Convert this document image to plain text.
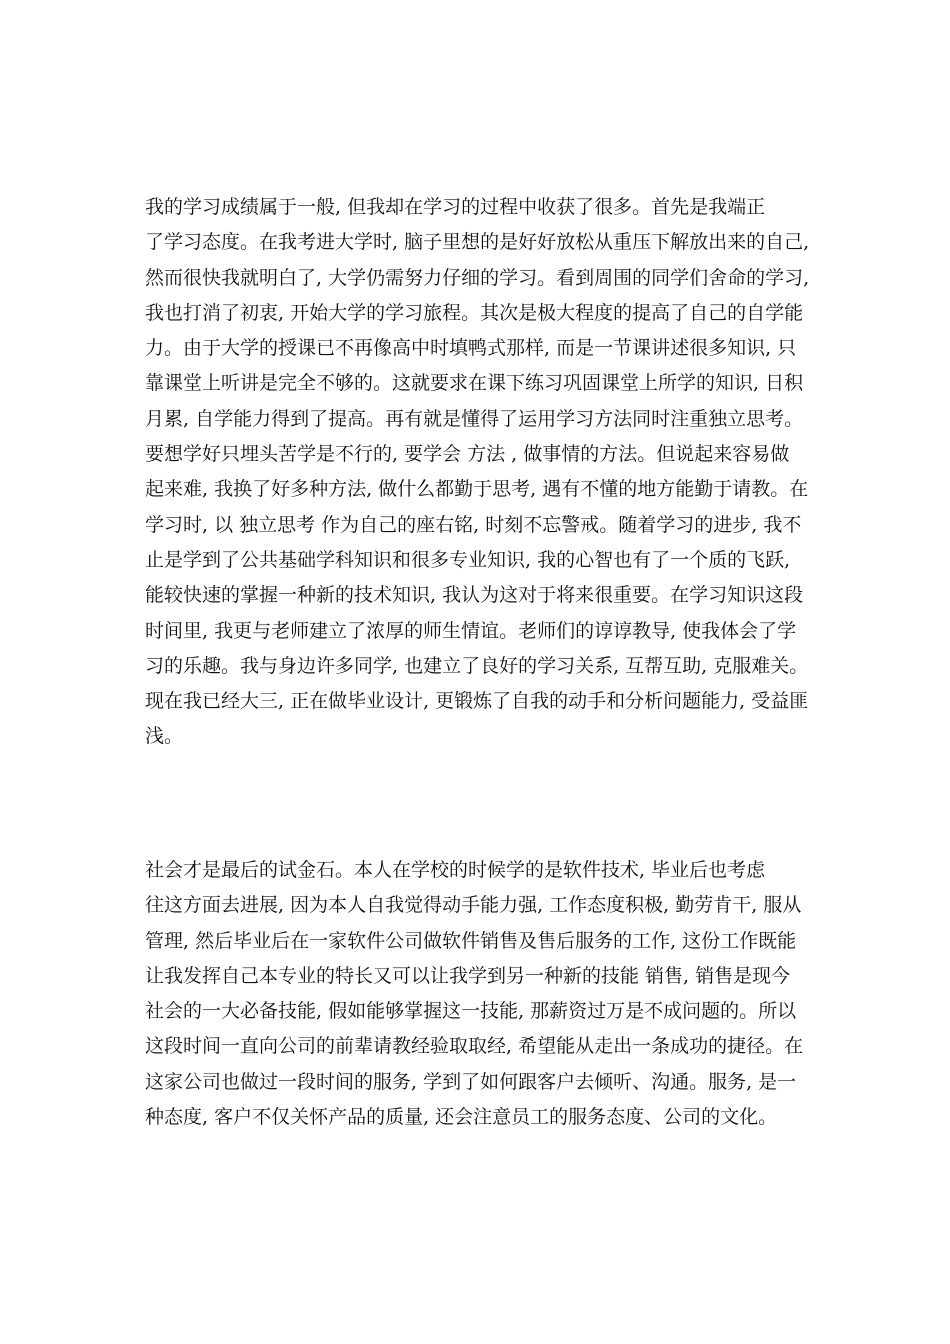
我的学习成绩属于一般, 但我却在学习的过程中收获了很多。首先是我端正
了学习态度。在我考进大学时, 脑子里想的是好好放松从重压下解放出来的自己,
然而很快我就明白了, 大学仍需努力仔细的学习。看到周围的同学们舍命的学习,
我也打消了初衷, 开始大学的学习旅程。其次是极大程度的提高了自己的自学能
力。由于大学的授课已不再像高中时填鸭式那样, 而是一节课讲述很多知识, 只
靠课堂上听讲是完全不够的。这就要求在课下练习巩固课堂上所学的知识, 日积
月累, 自学能力得到了提高。再有就是懂得了运用学习方法同时注重独立思考。
要想学好只埋头苦学是不行的, 要学会 方法 , 做事情的方法。但说起来容易做
起来难, 我换了好多种方法, 做什么都勤于思考, 遇有不懂的地方能勤于请教。在
学习时, 以 独立思考 作为自己的座右铭, 时刻不忘警戒。随着学习的进步, 我不
止是学到了公共基础学科知识和很多专业知识, 我的心智也有了一个质的飞跃,
能较快速的掌握一种新的技术知识, 我认为这对于将来很重要。在学习知识这段
时间里, 我更与老师建立了浓厚的师生情谊。老师们的谆谆教导, 使我体会了学
习的乐趣。我与身边许多同学, 也建立了良好的学习关系, 互帮互助, 克服难关。
现在我已经大三, 正在做毕业设计, 更锻炼了自我的动手和分析问题能力, 受益匪
浅。
社会才是最后的试金石。本人在学校的时候学的是软件技术, 毕业后也考虑
往这方面去进展, 因为本人自我觉得动手能力强, 工作态度积极, 勤劳肯干, 服从
管理, 然后毕业后在一家软件公司做软件销售及售后服务的工作, 这份工作既能
让我发挥自己本专业的特长又可以让我学到另一种新的技能 销售, 销售是现今
社会的一大必备技能, 假如能够掌握这一技能, 那薪资过万是不成问题的。所以
这段时间一直向公司的前辈请教经验取取经, 希望能从走出一条成功的捷径。在
这家公司也做过一段时间的服务, 学到了如何跟客户去倾听、沟通。服务, 是一
种态度, 客户不仅关怀产品的质量, 还会注意员工的服务态度、公司的文化。
